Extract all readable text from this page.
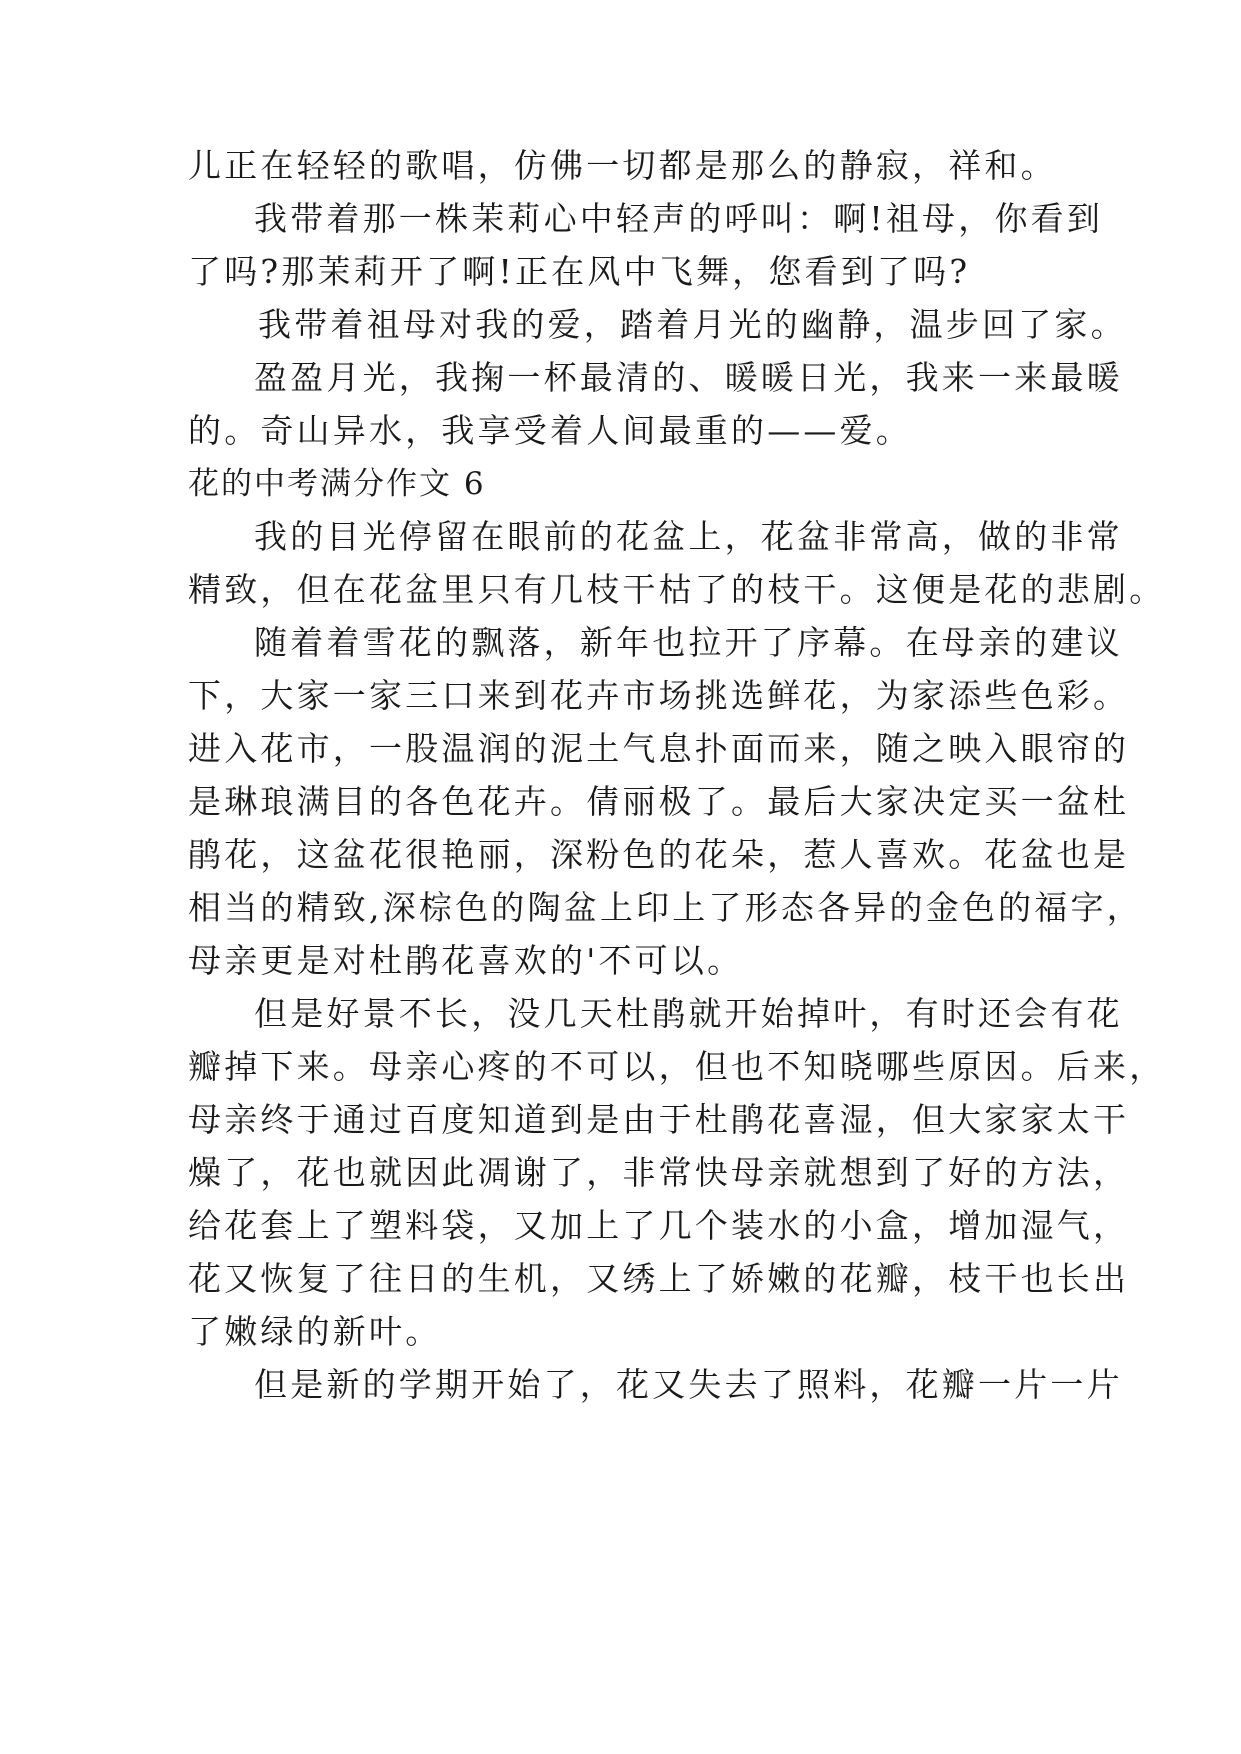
儿正在轻轻的歌唱，仿佛一切都是那么的静寂，祥和。
我带着那一株茉莉心中轻声的呼叫：啊!祖母，你看到
了吗?那茉莉开了啊!正在风中飞舞，您看到了吗?
我带着祖母对我的爱，踏着月光的幽静，温步回了家。
盈盈月光，我掬一杯最清的、暖暖日光，我来一来最暖
的。奇山异水，我享受着人间最重的——爱。
花的中考满分作文 6
我的目光停留在眼前的花盆上，花盆非常高，做的非常
精致，但在花盆里只有几枝干枯了的枝干。这便是花的悲剧。
随着着雪花的飘落，新年也拉开了序幕。在母亲的建议
下，大家一家三口来到花卉市场挑选鲜花，为家添些色彩。
进入花市，一股温润的泥土气息扑面而来，随之映入眼帘的
是琳琅满目的各色花卉。倩丽极了。最后大家决定买一盆杜
鹃花，这盆花很艳丽，深粉色的花朵，惹人喜欢。花盆也是
相当的精致,深棕色的陶盆上印上了形态各异的金色的福字，
母亲更是对杜鹃花喜欢的'不可以。
但是好景不长，没几天杜鹃就开始掉叶，有时还会有花
瓣掉下来。母亲心疼的不可以，但也不知晓哪些原因。后来，
母亲终于通过百度知道到是由于杜鹃花喜湿，但大家家太干
燥了，花也就因此凋谢了，非常快母亲就想到了好的方法，
给花套上了塑料袋，又加上了几个装水的小盒，增加湿气，
花又恢复了往日的生机，又绣上了娇嫩的花瓣，枝干也长出
了嫩绿的新叶。
但是新的学期开始了，花又失去了照料，花瓣一片一片
